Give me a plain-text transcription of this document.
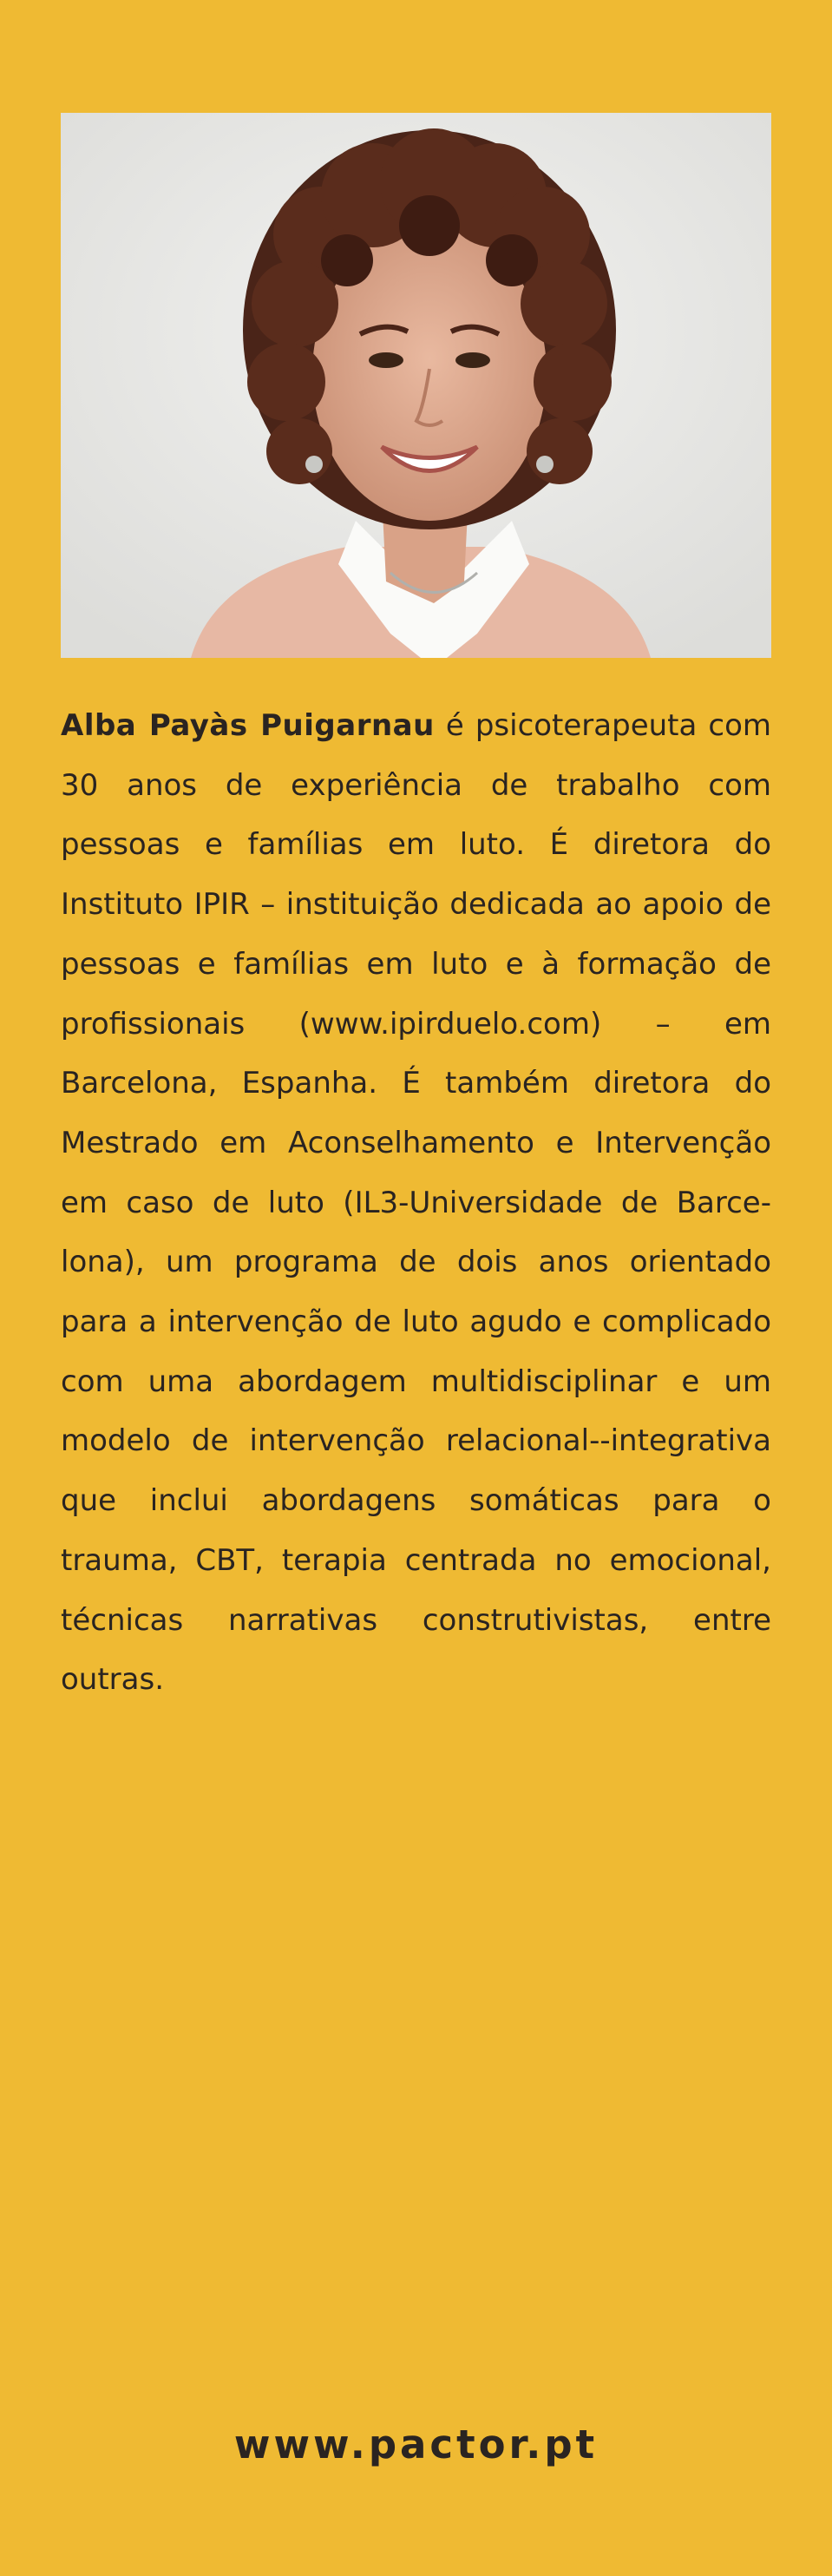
Alba Payàs Puigarnau é psicoterapeuta com 30 anos de experiência de trabalho com pessoas e famílias em luto. É diretora do Instituto IPIR – instituição dedicada ao apoio de pessoas e famílias em luto e à formação de profissionais (www.ipirduelo.com) – em Barcelona, Espanha. É também diretora do Mestrado em Aconselhamento e Intervenção em caso de luto (IL3-Universidade de Barcelona), um programa de dois anos orientado para a intervenção de luto agudo e complicado com uma abordagem multidisciplinar e um modelo de intervenção relacional-​-integrativa que inclui abordagens somáticas para o trauma, CBT, terapia centrada no emocional, técnicas narrativas construtivistas, entre outras.

www.pactor.pt
